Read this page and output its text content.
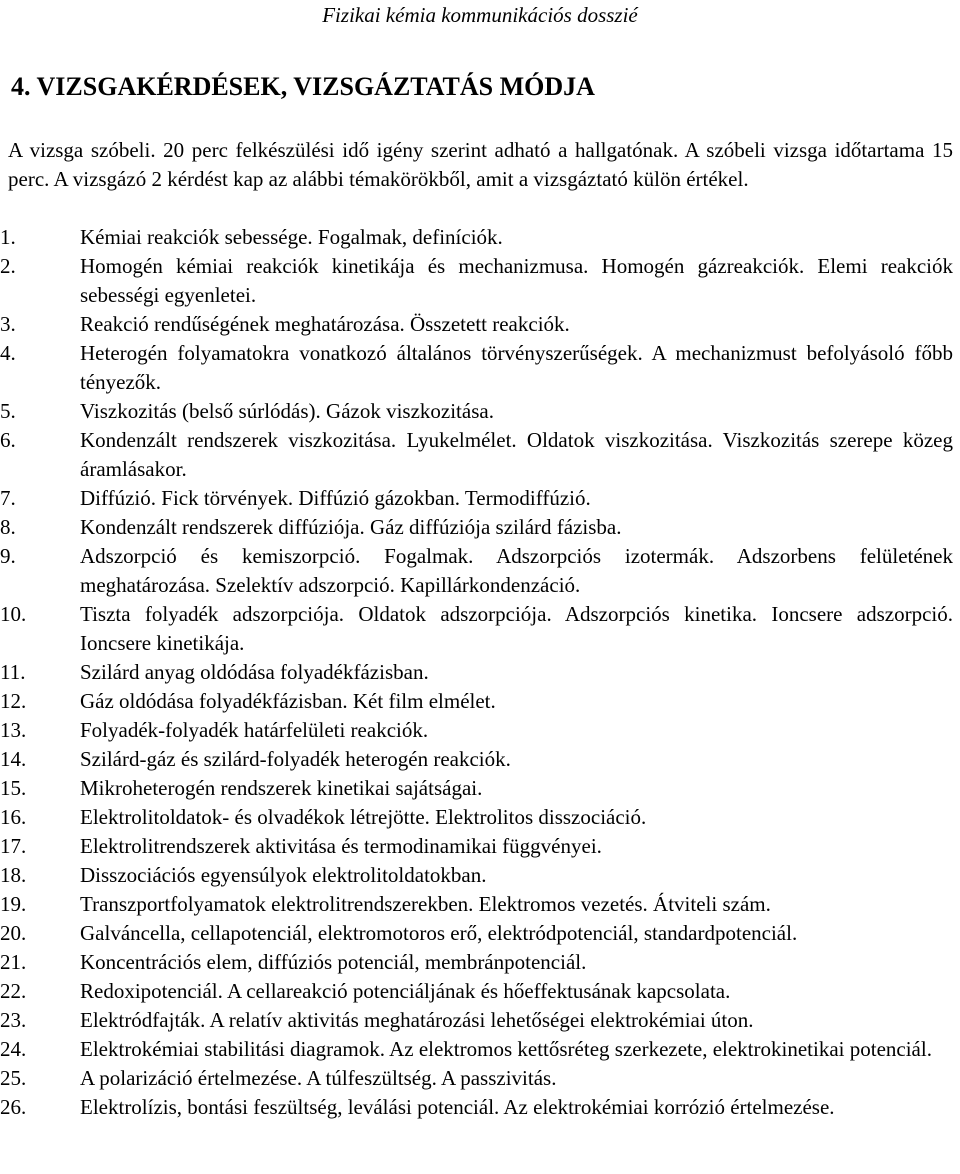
Fizikai kémia kommunikációs dosszié
4. VIZSGAKÉRDÉSEK, VIZSGÁZTATÁS MÓDJA
A vizsga szóbeli. 20 perc felkészülési idő igény szerint adható a hallgatónak. A szóbeli vizsga időtartama 15 perc. A vizsgázó 2 kérdést kap az alábbi témakörökből, amit a vizsgáztató külön értékel.
1.	Kémiai reakciók sebessége. Fogalmak, definíciók.
2.	Homogén kémiai reakciók kinetikája és mechanizmusa. Homogén gázreakciók. Elemi reakciók sebességi egyenletei.
3.	Reakció rendűségének meghatározása. Összetett reakciók.
4.	Heterogén folyamatokra vonatkozó általános törvényszerűségek. A mechanizmust befolyásoló főbb tényezők.
5.	Viszkozitás (belső súrlódás). Gázok viszkozitása.
6.	Kondenzált rendszerek viszkozitása. Lyukelmélet. Oldatok viszkozitása. Viszkozitás szerepe közeg áramlásakor.
7.	Diffúzió. Fick törvények. Diffúzió gázokban. Termodiffúzió.
8.	Kondenzált rendszerek diffúziója. Gáz diffúziója szilárd fázisba.
9.	Adszorpció és kemiszorpció. Fogalmak. Adszorpciós izotermák. Adszorbens felületének meghatározása. Szelektív adszorpció. Kapillárkondenzáció.
10.	Tiszta folyadék adszorpciója. Oldatok adszorpciója. Adszorpciós kinetika. Ioncsere adszorpció. Ioncsere kinetikája.
11.	Szilárd anyag oldódása folyadékfázisban.
12.	Gáz oldódása folyadékfázisban. Két film elmélet.
13.	Folyadék-folyadék határfelületi reakciók.
14.	Szilárd-gáz és szilárd-folyadék heterogén reakciók.
15.	Mikroheterogén rendszerek kinetikai sajátságai.
16.	Elektrolitoldatok- és olvadékok létrejötte. Elektrolitos disszociáció.
17.	Elektrolitrendszerek aktivitása és termodinamikai függvényei.
18.	Disszociációs egyensúlyok elektrolitoldatokban.
19.	Transzportfolyamatok elektrolitrendszerekben. Elektromos vezetés. Átviteli szám.
20.	Galváncella, cellapotenciál, elektromotoros erő, elektródpotenciál, standardpotenciál.
21.	Koncentrációs elem, diffúziós potenciál, membránpotenciál.
22.	Redoxipotenciál. A cellareakció potenciáljának és hőeffektusának kapcsolata.
23.	Elektródfajták. A relatív aktivitás meghatározási lehetőségei elektrokémiai úton.
24.	Elektrokémiai stabilitási diagramok. Az elektromos kettősréteg szerkezete, elektrokinetikai potenciál.
25.	A polarizáció értelmezése. A túlfeszültség. A passzivitás.
26.	Elektrolízis, bontási feszültség, leválási potenciál. Az elektrokémiai korrózió értelmezése.
